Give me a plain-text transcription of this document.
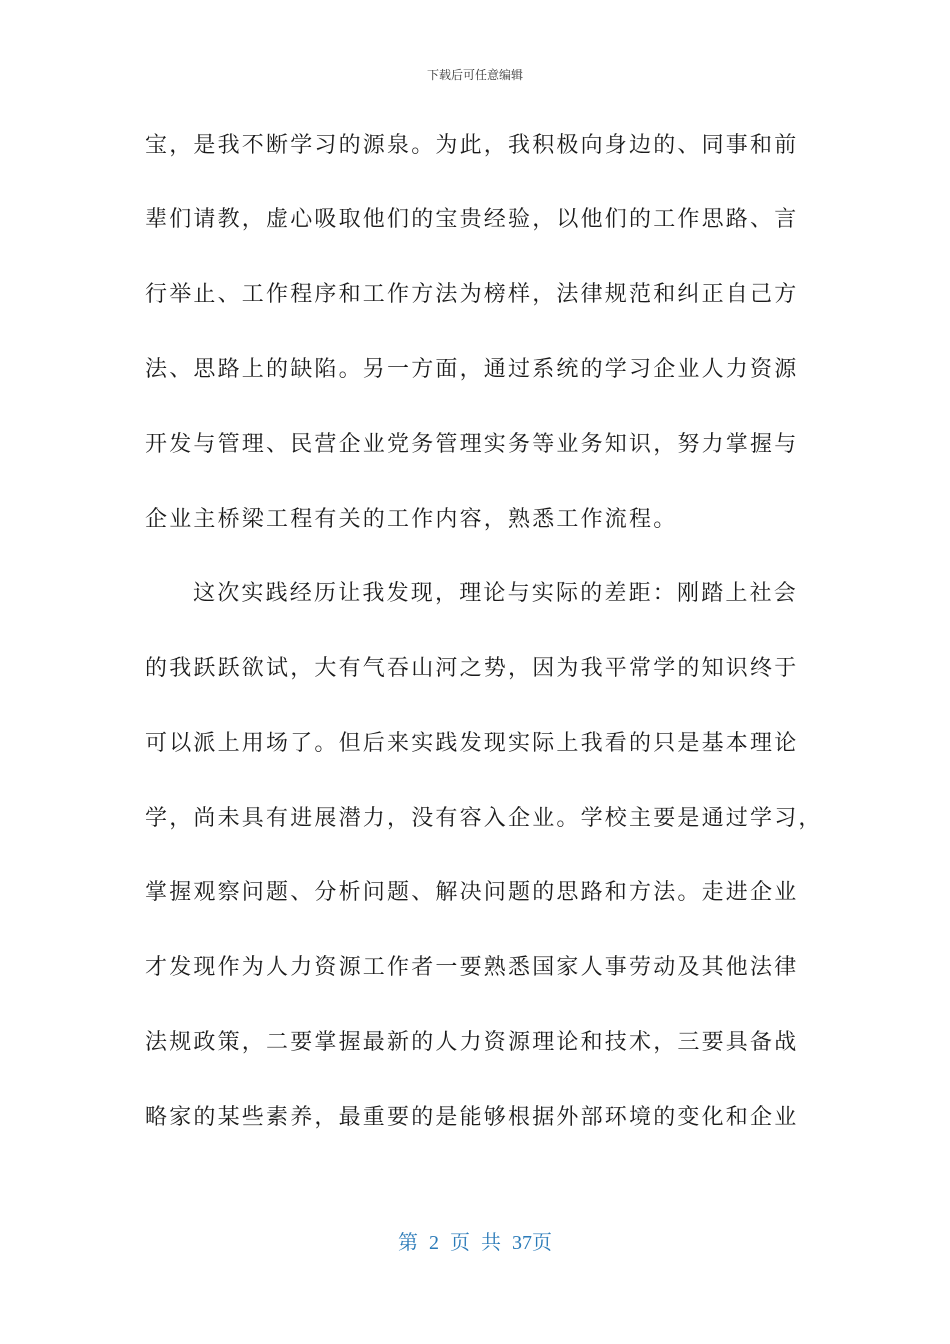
下载后可任意编辑
宝，是我不断学习的源泉。为此，我积极向身边的、同事和前
辈们请教，虚心吸取他们的宝贵经验，以他们的工作思路、言
行举止、工作程序和工作方法为榜样，法律规范和纠正自己方
法、思路上的缺陷。另一方面，通过系统的学习企业人力资源
开发与管理、民营企业党务管理实务等业务知识，努力掌握与
企业主桥梁工程有关的工作内容，熟悉工作流程。
这次实践经历让我发现，理论与实际的差距：刚踏上社会
的我跃跃欲试，大有气吞山河之势，因为我平常学的知识终于
可以派上用场了。但后来实践发现实际上我看的只是基本理论
学，尚未具有进展潜力，没有容入企业。学校主要是通过学习，
掌握观察问题、分析问题、解决问题的思路和方法。走进企业
才发现作为人力资源工作者一要熟悉国家人事劳动及其他法律
法规政策，二要掌握最新的人力资源理论和技术，三要具备战
略家的某些素养，最重要的是能够根据外部环境的变化和企业
第 2 页 共 37页
